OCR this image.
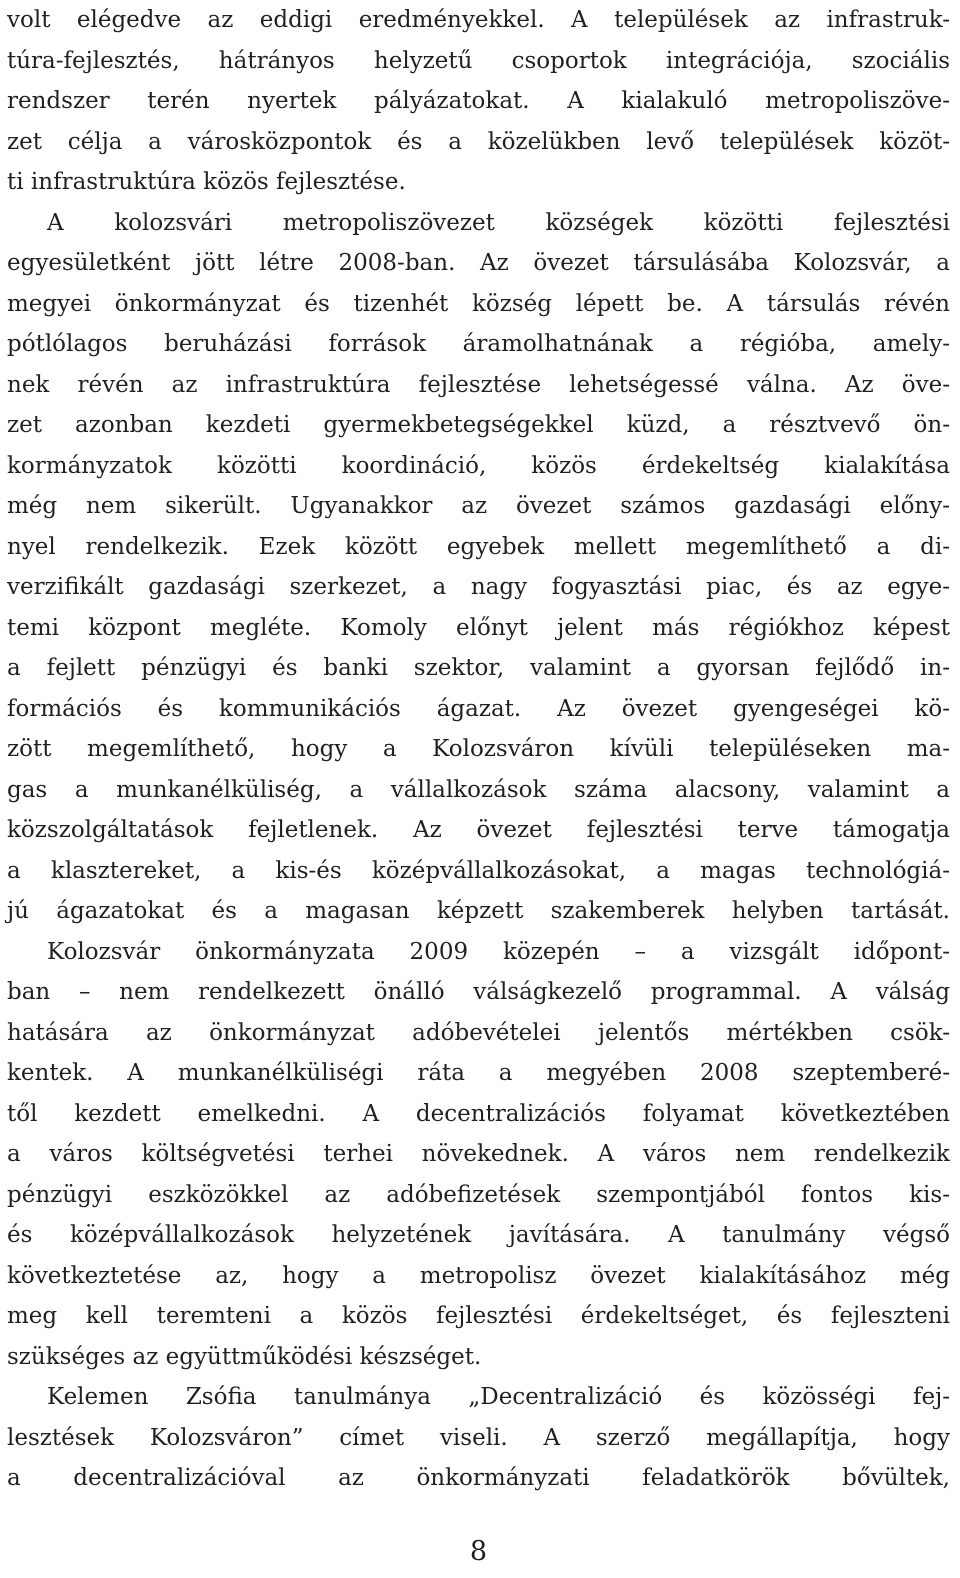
volt elégedve az eddigi eredményekkel. A települések az infrastruk-
túra-fejlesztés, hátrányos helyzetű csoportok integrációja, szociális
rendszer terén nyertek pályázatokat. A kialakuló metropoliszöve-
zet célja a városközpontok és a közelükben levő települések közöt-
ti infrastruktúra közös fejlesztése.
A kolozsvári metropoliszövezet községek közötti fejlesztési
egyesületként jött létre 2008-ban. Az övezet társulásába Kolozsvár, a
megyei önkormányzat és tizenhét község lépett be. A társulás révén
pótlólagos beruházási források áramolhatnának a régióba, amely-
nek révén az infrastruktúra fejlesztése lehetségessé válna. Az öve-
zet azonban kezdeti gyermekbetegségekkel küzd, a résztvevő ön-
kormányzatok közötti koordináció, közös érdekeltség kialakítása
még nem sikerült. Ugyanakkor az övezet számos gazdasági előny-
nyel rendelkezik. Ezek között egyebek mellett megemlíthető a di-
verzifikált gazdasági szerkezet, a nagy fogyasztási piac, és az egye-
temi központ megléte. Komoly előnyt jelent más régiókhoz képest
a fejlett pénzügyi és banki szektor, valamint a gyorsan fejlődő in-
formációs és kommunikációs ágazat. Az övezet gyengeségei kö-
zött megemlíthető, hogy a Kolozsváron kívüli településeken ma-
gas a munkanélküliség, a vállalkozások száma alacsony, valamint a
közszolgáltatások fejletlenek. Az övezet fejlesztési terve támogatja
a klasztereket, a kis-és középvállalkozásokat, a magas technológiá-
jú ágazatokat és a magasan képzett szakemberek helyben tartását.
Kolozsvár önkormányzata 2009 közepén – a vizsgált időpont-
ban – nem rendelkezett önálló válságkezelő programmal. A válság
hatására az önkormányzat adóbevételei jelentős mértékben csök-
kentek. A munkanélküliségi ráta a megyében 2008 szeptemberé-
től kezdett emelkedni. A decentralizációs folyamat következtében
a város költségvetési terhei növekednek. A város nem rendelkezik
pénzügyi eszközökkel az adóbefizetések szempontjából fontos kis-
és középvállalkozások helyzetének javítására. A tanulmány végső
következtetése az, hogy a metropolisz övezet kialakításához még
meg kell teremteni a közös fejlesztési érdekeltséget, és fejleszteni
szükséges az együttműködési készséget.
Kelemen Zsófia tanulmánya „Decentralizáció és közösségi fej-
lesztések Kolozsváron” címet viseli. A szerző megállapítja, hogy
a decentralizációval az önkormányzati feladatkörök bővültek,
8
